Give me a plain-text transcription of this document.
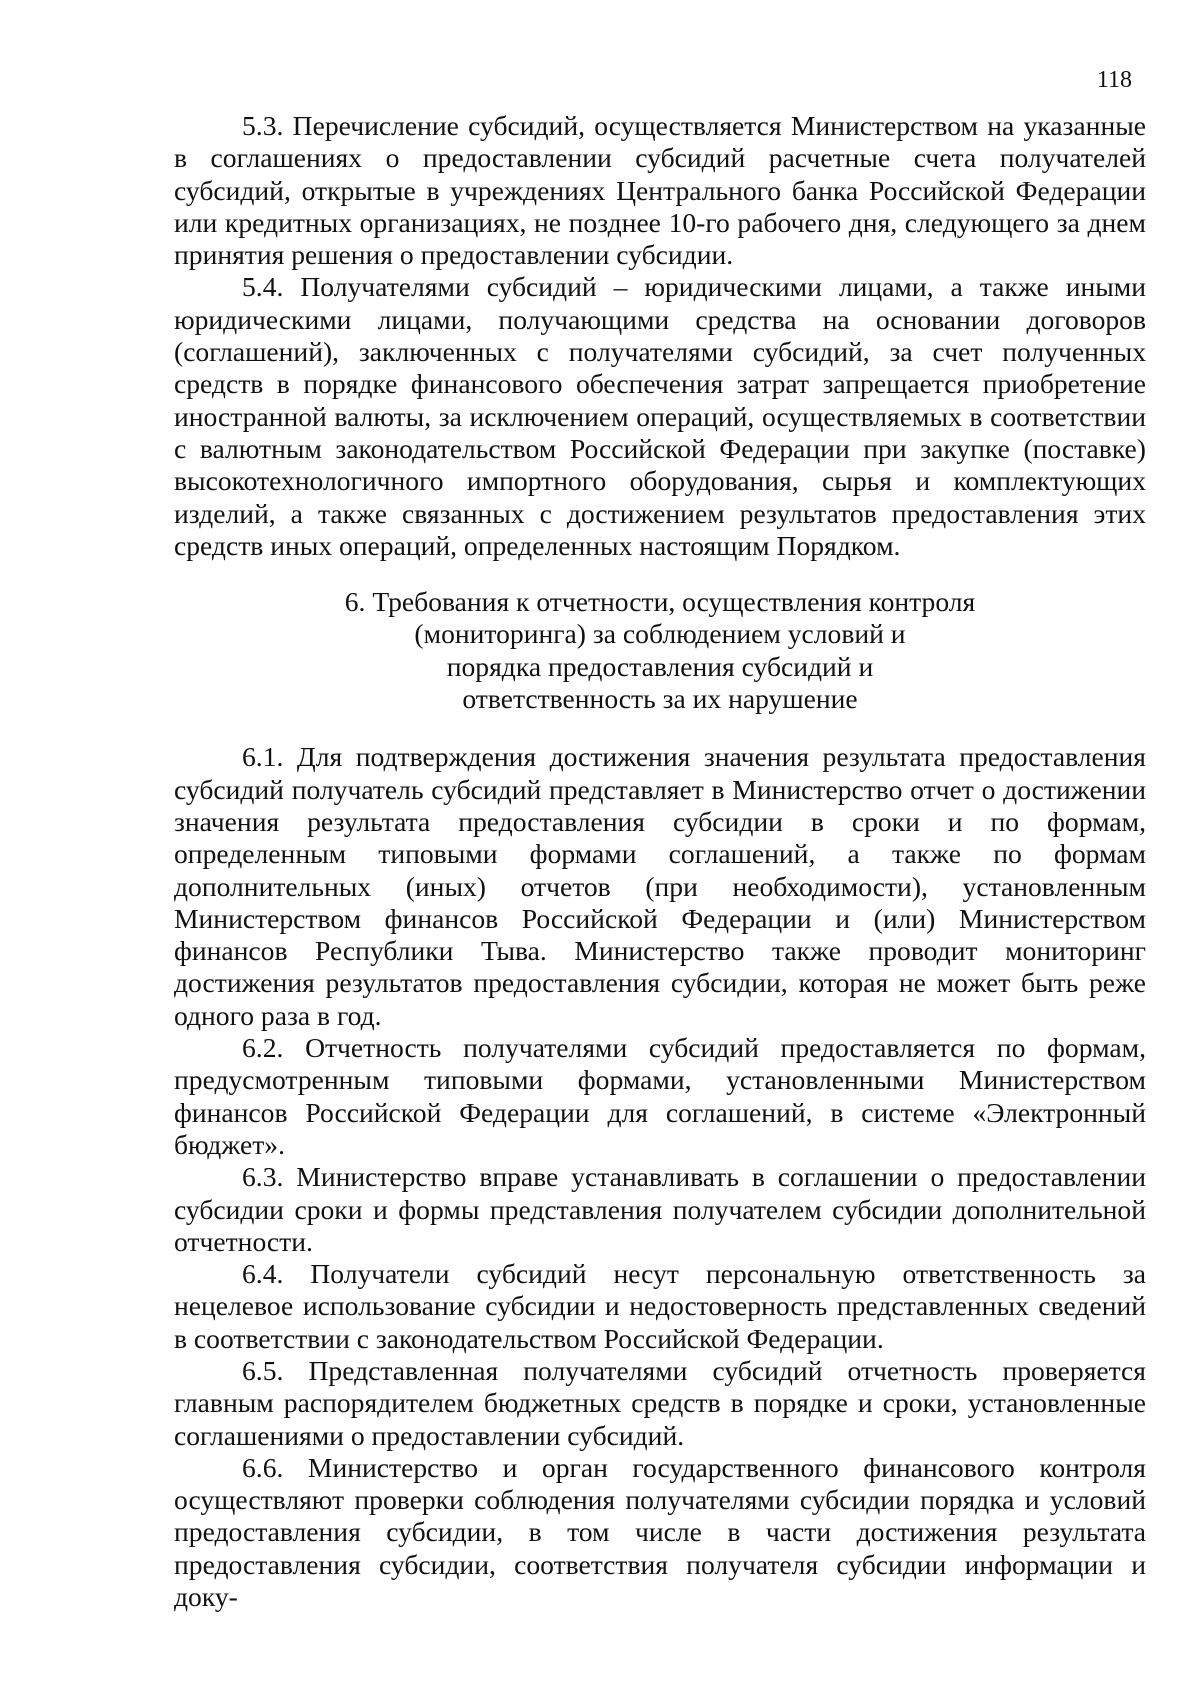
118

5.3. Перечисление субсидий, осуществляется Министерством на указанные в соглашениях о предоставлении субсидий расчетные счета получателей субсидий, открытые в учреждениях Центрального банка Российской Федерации или кредитных организациях, не позднее 10-го рабочего дня, следующего за днем принятия решения о предоставлении субсидии.

5.4. Получателями субсидий – юридическими лицами, а также иными юридическими лицами, получающими средства на основании договоров (соглашений), заключенных с получателями субсидий, за счет полученных средств в порядке финансового обеспечения затрат запрещается приобретение иностранной валюты, за исключением операций, осуществляемых в соответствии с валютным законодательством Российской Федерации при закупке (поставке) высокотехнологичного импортного оборудования, сырья и комплектующих изделий, а также связанных с достижением результатов предоставления этих средств иных операций, определенных настоящим Порядком.

6. Требования к отчетности, осуществления контроля
(мониторинга) за соблюдением условий и
порядка предоставления субсидий и
ответственность за их нарушение

6.1. Для подтверждения достижения значения результата предоставления субсидий получатель субсидий представляет в Министерство отчет о достижении значения результата предоставления субсидии в сроки и по формам, определенным типовыми формами соглашений, а также по формам дополнительных (иных) отчетов (при необходимости), установленным Министерством финансов Российской Федерации и (или) Министерством финансов Республики Тыва. Министерство также проводит мониторинг достижения результатов предоставления субсидии, которая не может быть реже одного раза в год.

6.2. Отчетность получателями субсидий предоставляется по формам, предусмотренным типовыми формами, установленными Министерством финансов Российской Федерации для соглашений, в системе «Электронный бюджет».

6.3. Министерство вправе устанавливать в соглашении о предоставлении субсидии сроки и формы представления получателем субсидии дополнительной отчетности.

6.4. Получатели субсидий несут персональную ответственность за нецелевое использование субсидии и недостоверность представленных сведений в соответствии с законодательством Российской Федерации.

6.5. Представленная получателями субсидий отчетность проверяется главным распорядителем бюджетных средств в порядке и сроки, установленные соглашениями о предоставлении субсидий.

6.6. Министерство и орган государственного финансового контроля осуществляют проверки соблюдения получателями субсидии порядка и условий предоставления субсидии, в том числе в части достижения результата предоставления субсидии, соответствия получателя субсидии информации и доку-
